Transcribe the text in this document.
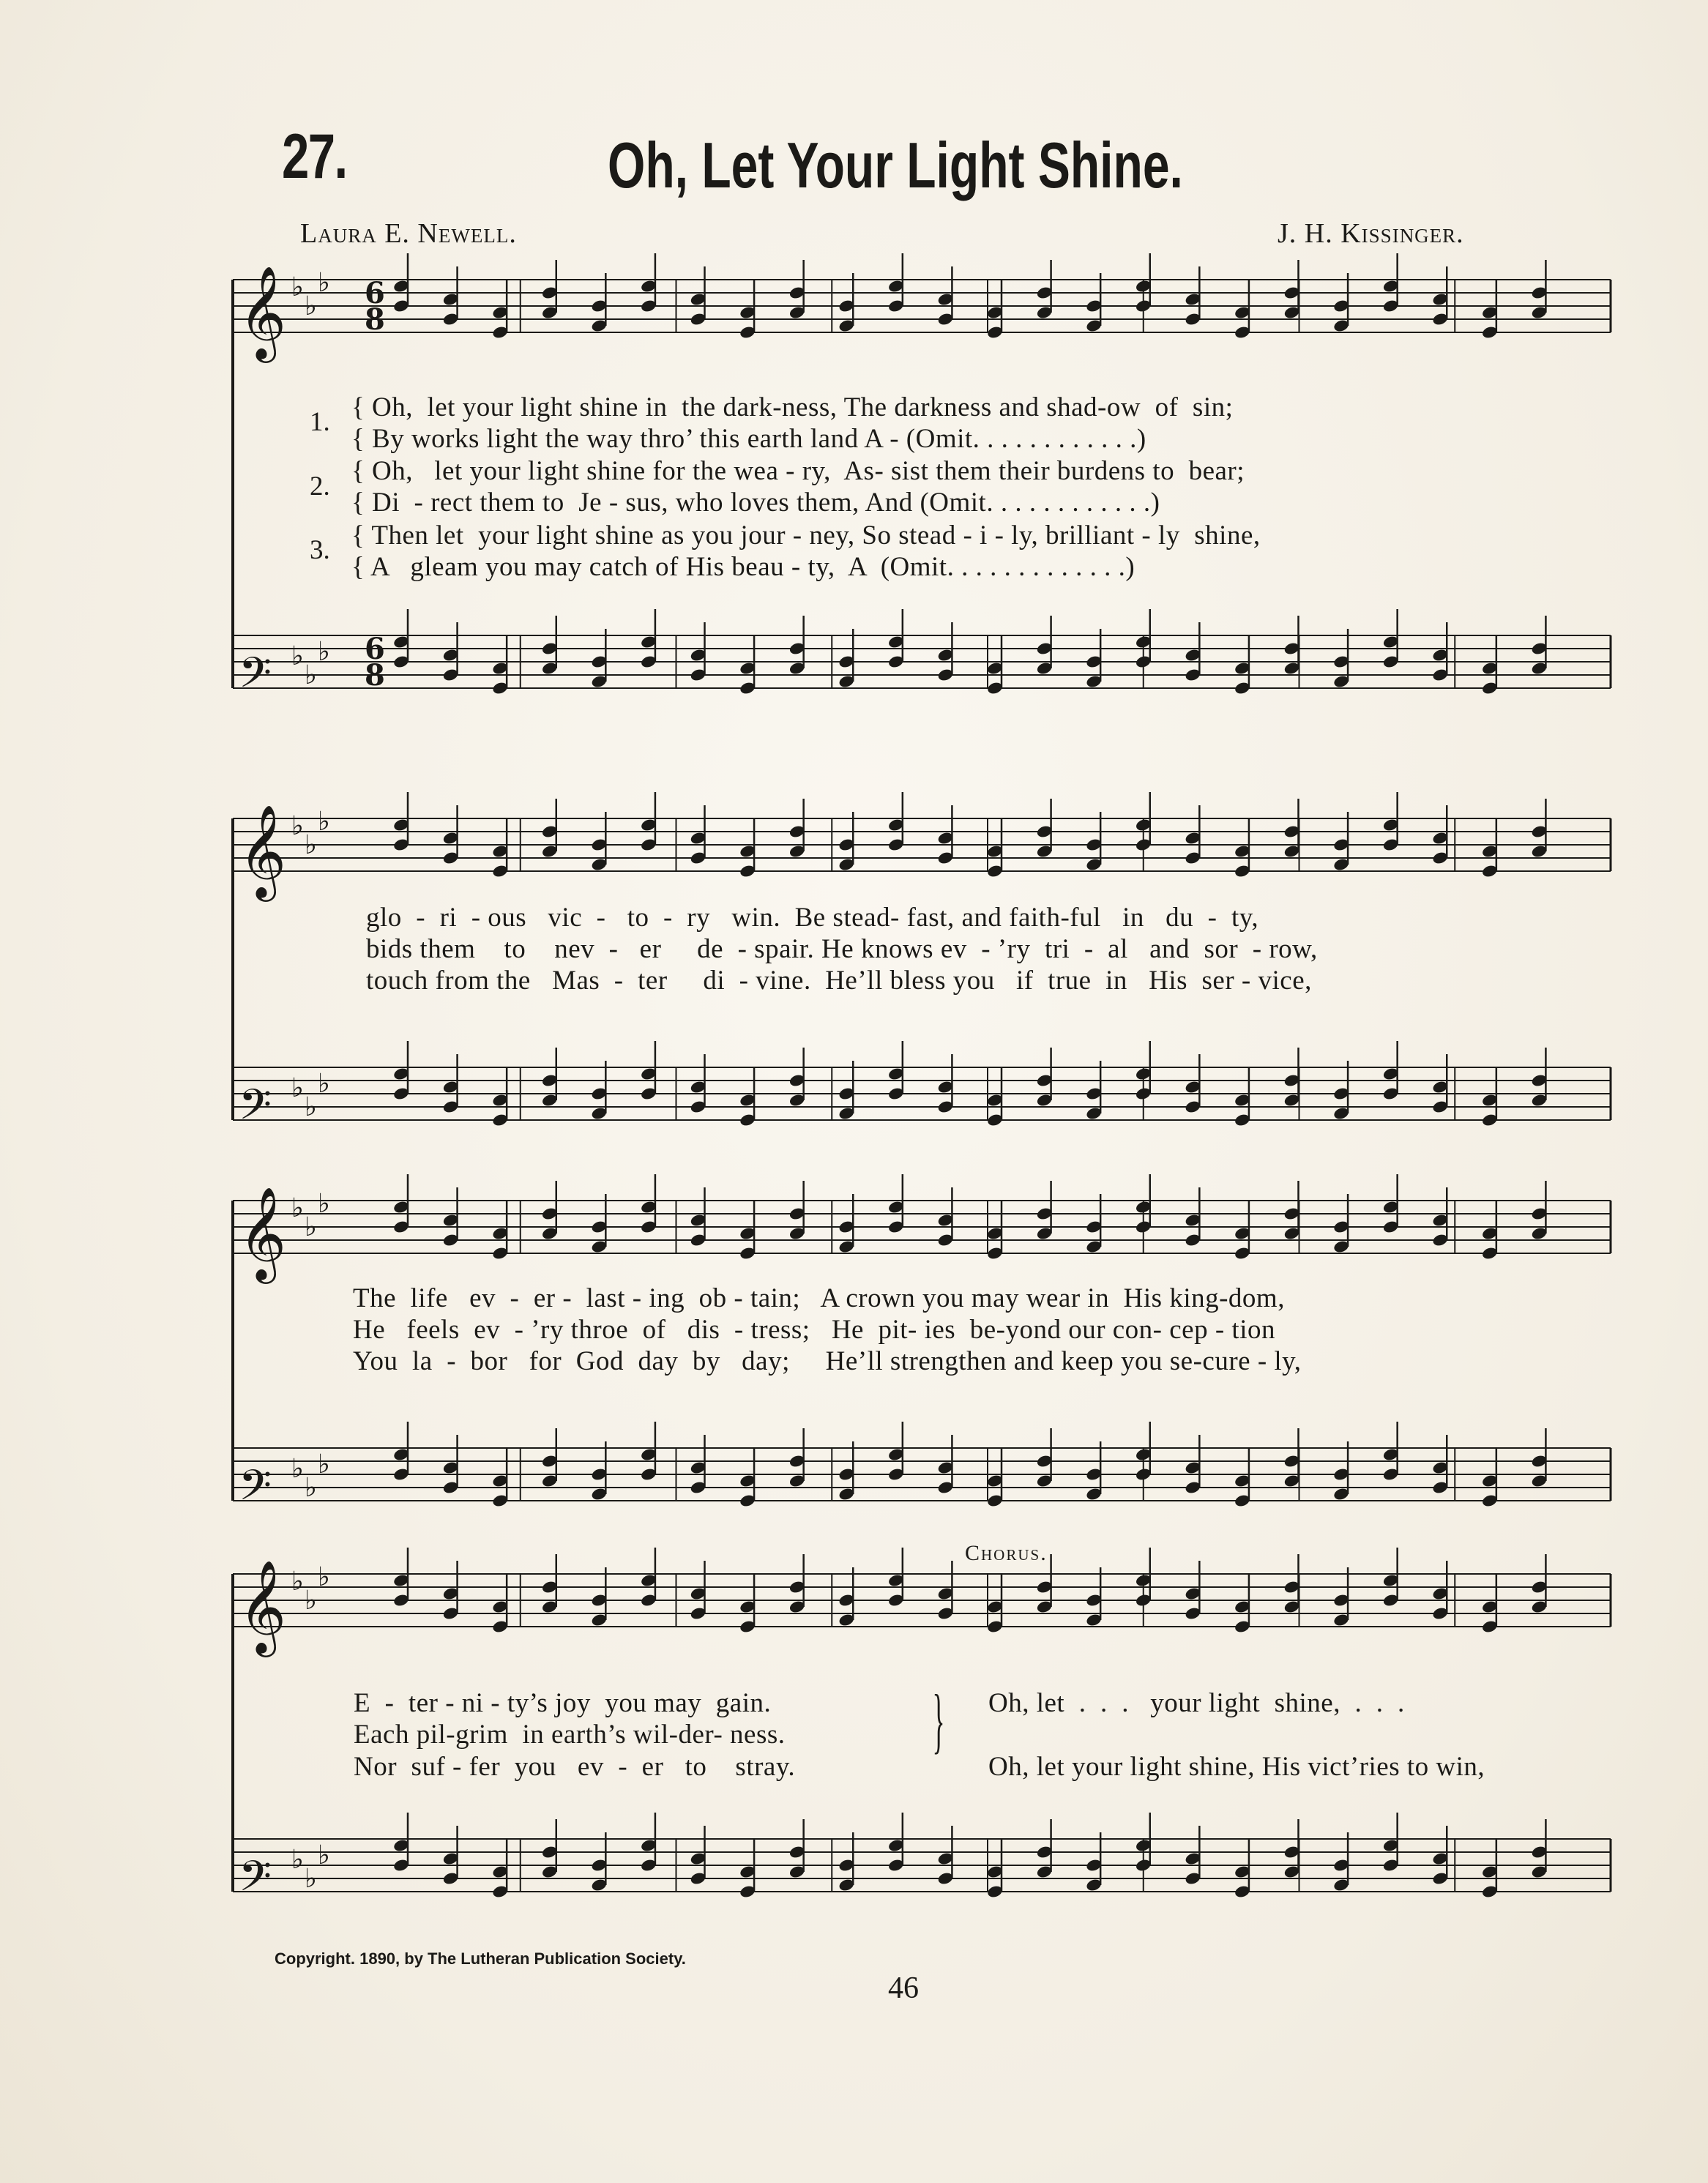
27.	Oh, Let Your Light Shine.
Laura E. Newell.	J. H. Kissinger.
𝄞 ♭
♭
♭
𝄢 ♭
♭
♭
𝄞 ♭
♭
♭
𝄢 ♭
♭
♭
𝄞 ♭
♭
♭
𝄢 ♭
♭
♭
𝄞 ♭
♭
♭
𝄢 ♭
♭
♭
6
6
8
8
1.
2.
3.
{ Oh,  let your light shine in  the dark-ness, The darkness and shad-ow  of  sin;
{ By works light the way thro’ this earth land A - (Omit. . . . . . . . . . . .)
{ Oh,   let your light shine for the wea - ry,  As- sist them their burdens to  bear;
{ Di  - rect them to  Je - sus, who loves them, And (Omit. . . . . . . . . . . .)
{ Then let  your light shine as you jour - ney, So stead - i - ly, brilliant - ly  shine,
{ A   gleam you may catch of His beau - ty,  A  (Omit. . . . . . . . . . . . .)
glo  -  ri  - ous   vic  -   to  -  ry   win.  Be stead- fast, and faith-ful   in   du  -  ty,
bids them    to    nev  -   er     de  - spair. He knows ev  - ’ry  tri  -  al   and  sor  - row,
touch from the   Mas  -  ter     di  - vine.  He’ll bless you   if  true  in   His  ser - vice,
The  life   ev  -  er -  last - ing  ob - tain;   A crown you may wear in  His king-dom,
He   feels  ev  - ’ry throe  of   dis  - tress;   He  pit- ies  be-yond our con- cep - tion
You  la  -  bor   for  God  day  by   day;     He’ll strengthen and keep you se-cure - ly,
Chorus.
E  -  ter - ni - ty’s joy  you may  gain.
Each pil-grim  in earth’s wil-der- ness.
Nor  suf - fer  you   ev  -  er   to    stray.
} Oh, let  .  .  .   your light  shine,  .  .  .
Oh, let your light shine, His vict’ries to win,
Copyright. 1890, by The Lutheran Publication Society.
46
